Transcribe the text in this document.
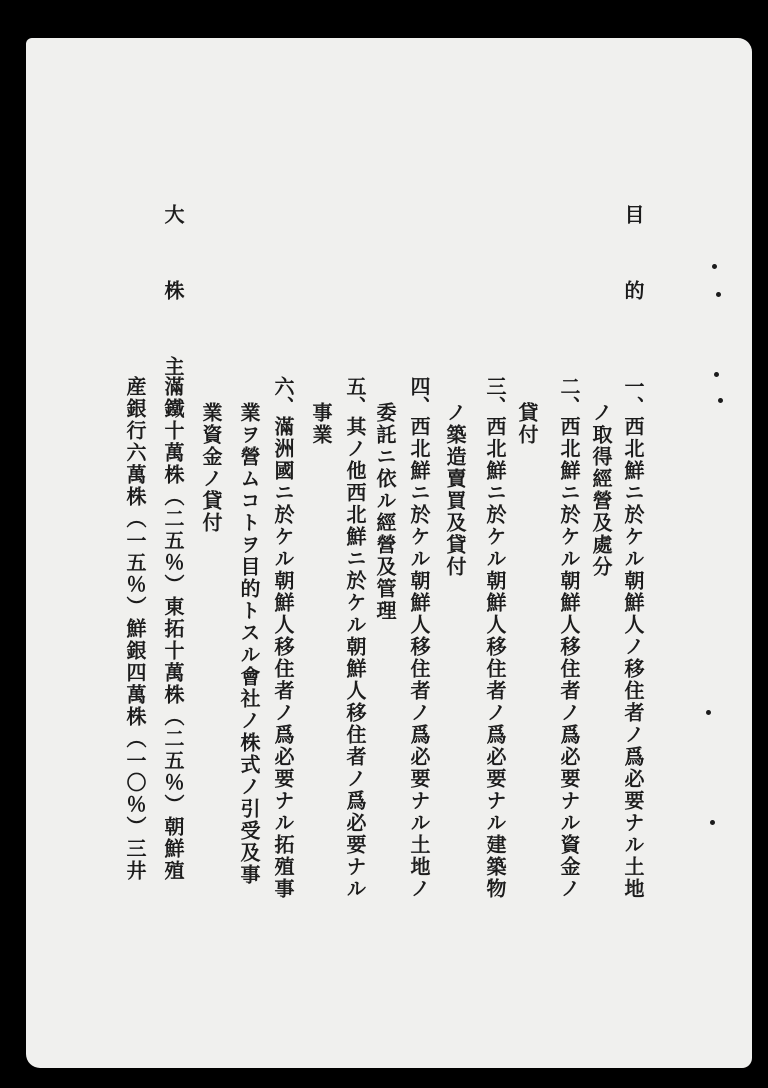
目的
一、西北鮮ニ於ケル朝鮮人ノ移住者ノ爲必要ナル土地
ノ取得經營及處分
二、西北鮮ニ於ケル朝鮮人移住者ノ爲必要ナル資金ノ
貸付
三、西北鮮ニ於ケル朝鮮人移住者ノ爲必要ナル建築物
ノ築造賣買及貸付
四、西北鮮ニ於ケル朝鮮人移住者ノ爲必要ナル土地ノ
委託ニ依ル經營及管理
五、其ノ他西北鮮ニ於ケル朝鮮人移住者ノ爲必要ナル
事業
六、滿洲國ニ於ケル朝鮮人移住者ノ爲必要ナル拓殖事
業ヲ營ムコトヲ目的トスル會社ノ株式ノ引受及事
業資金ノ貸付
大株主
滿鐵十萬株（二五％）東拓十萬株（二五％）朝鮮殖
産銀行六萬株（一五％）鮮銀四萬株（一〇％）三井
